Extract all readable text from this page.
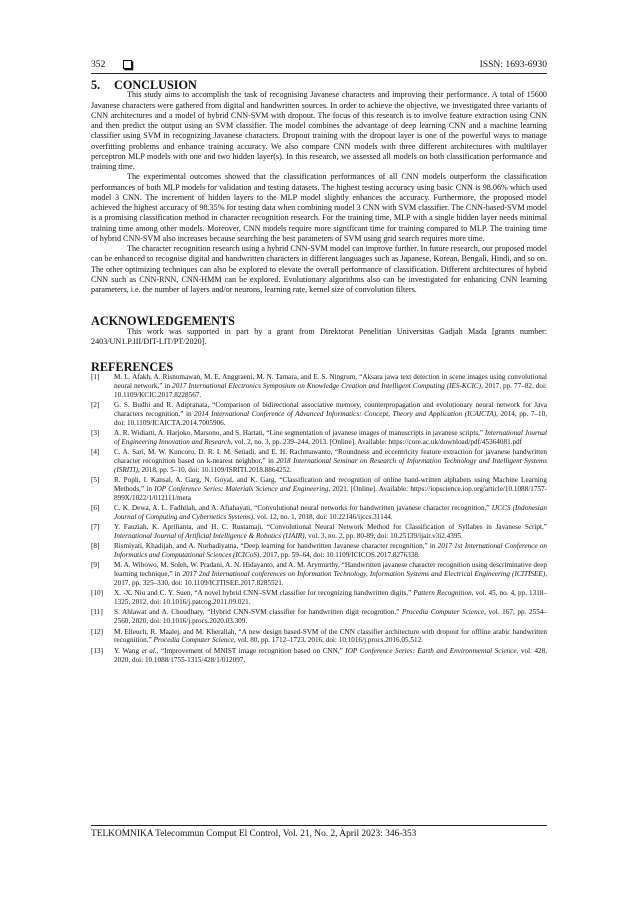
352	ISSN: 1693-6930
5. CONCLUSION

This study aims to accomplish the task of recognising Javanese characters and improving their performance. A total of 15600 Javanese characters were gathered from digital and handwritten sources. In order to achieve the objective, we investigated three variants of CNN architectures and a model of hybrid CNN-SVM with dropout. The focus of this research is to involve feature extraction using CNN and then predict the output using an SVM classifier. The model combines the advantage of deep learning CNN and a machine learning classifier using SVM in recognizing Javanese characters. Dropout training with the dropout layer is one of the powerful ways to manage overfitting problems and enhance training accuracy. We also compare CNN models with three different architectures with multilayer perceptron MLP models with one and two hidden layer(s). In this research, we assessed all models on both classification performance and training time.

The experimental outcomes showed that the classification performances of all CNN models outperform the classification performances of both MLP models for validation and testing datasets. The highest testing accuracy using basic CNN is 98.06% which used model 3 CNN. The increment of hidden layers to the MLP model slightly enhances the accuracy. Furthermore, the proposed model achieved the highest accuracy of 98.35% for testing data when combining model 3 CNN with SVM classifier. The CNN-based-SVM model is a promising classification method in character recognition research. For the training time, MLP with a single hidden layer needs minimal training time among other models. Moreover, CNN models require more significant time for training compared to MLP. The training time of hybrid CNN-SVM also increases because searching the best parameters of SVM using grid search requires more time.

The character recognition research using a hybrid CNN-SVM model can improve further. In future research, our proposed model can be enhanced to recognise digital and handwritten characters in different languages such as Japanese, Korean, Bengali, Hindi, and so on. The other optimizing techniques can also be explored to elevate the overall performance of classification. Different architectures of hybrid CNN such as CNN-RNN, CNN-HMM can be explored. Evolutionary algorithms also can be investigated for enhancing CNN learning parameters, i.e. the number of layers and/or neurons, learning rate, kernel size of convolution filters.

ACKNOWLEDGEMENTS

This work was supported in part by a grant from Direktorat Penelitian Universitas Gadjah Mada [grants number: 2403/UN1.P.III/DIT-LIT/PT/2020].

REFERENCES
[1]	M. L. Afakh, A. Risnumawan, M. E. Anggraeni, M. N. Tamara, and E. S. Ningrum, “Aksara jawa text detection in scene images using convolutional neural network,” in 2017 International Electronics Symposium on Knowledge Creation and Intelligent Computing (IES-KCIC), 2017, pp. 77–82, doi: 10.1109/KCIC.2017.8228567.
[2]	G. S. Budhi and R. Adipranata, “Comparison of bidirectional associative memory, counterpropagation and evolutionary neural network for Java characters recognition,” in 2014 International Conference of Advanced Informatics: Concept, Theory and Application (ICAICTA), 2014, pp. 7–10, doi: 10.1109/ICAICTA.2014.7005906.
[3]	A. R. Widiarti, A. Harjoko, Marsono, and S. Hartati, “Line segmentation of javanese images of manuscripts in javanese scripts,” International Journal of Engineering Innovation and Research, vol. 2, no. 3, pp. 239–244, 2013. [Online]. Available: https://core.ac.uk/download/pdf/45364081.pdf
[4]	C. A. Sari, M. W. Kuncoro, D. R. I. M. Setiadi, and E. H. Rachmawanto, “Roundness and eccentricity feature extraction for javanese handwritten character recognition based on k-nearest neighbor,” in 2018 International Seminar on Research of Information Technology and Intelligent Systems (ISRITI), 2018, pp. 5–10, doi: 10.1109/ISRITI.2018.8864252.
[5]	R. Popli, I. Kansal, A. Garg, N. Goyal, and K. Garg, “Classification and recognition of online hand-written alphabets using Machine Learning Methods,” in IOP Conference Series: Materials Science and Engineering, 2021. [Online]. Available: https://iopscience.iop.org/article/10.1088/1757-899X/1022/1/012111/meta
[6]	C. K. Dewa, A. L. Fadhilah, and A. Afiahayati, “Convolutional neural networks for handwritten javanese character recognition,” IJCCS (Indonesian Journal of Computing and Cybernetics Systems), vol. 12, no. 1, 2018, doi: 10.22146/ijccs.31144.
[7]	Y. Fauziah, K. Aprilianta, and H. C. Rustamaji, “Convolutional Neural Network Method for Classification of Syllabes in Javanese Script,” International Journal of Artificial Intelligence & Robotics (IJAIR), vol. 3, no. 2, pp. 80-89, doi: 10.25139/ijair.v3i2.4395.
[8]	Rismiyati, Khadijah, and A. Nurhadiyatna, “Deep learning for handwritten Javanese character recognition,” in 2017 1st International Conference on Informatics and Computational Sciences (ICICoS), 2017, pp. 59–64, doi: 10.1109/ICICOS.2017.8276338.
[9]	M. A. Wibowo, M. Soleh, W. Pradani, A. N. Hidayanto, and A. M. Arymurthy, “Handwritten javanese character recognition using descriminative deep learning technique,” in 2017 2nd International conferences on Information Technology, Information Systems and Electrical Engineering (ICITISEE), 2017, pp. 325–330, doi: 10.1109/ICITISEE.2017.8285521.
[10]	X. -X. Niu and C. Y. Suen, “A novel hybrid CNN–SVM classifier for recognizing handwritten digits,” Pattern Recognition, vol. 45, no. 4, pp. 1318–1325, 2012, doi: 10.1016/j.patcog.2011.09.021.
[11]	S. Ahlawat and A. Choudhary, “Hybrid CNN-SVM classifier for handwritten digit recognition,” Procedia Computer Science, vol. 167, pp. 2554–2560, 2020, doi: 10.1016/j.procs.2020.03.309.
[12]	M. Elleuch, R. Maalej, and M. Kherallah, “A new design based-SVM of the CNN classifier architecture with dropout for offline arabic handwritten recognition,” Procedia Computer Science, vol. 80, pp. 1712–1723, 2016, doi: 10.1016/j.procs.2016.05.512.
[13]	Y. Wang et al., “Improvement of MNIST image recognition based on CNN,” IOP Conference Series: Earth and Environmental Science, vol. 428, 2020, doi: 10.1088/1755-1315/428/1/012097.
TELKOMNIKA Telecommun Comput El Control, Vol. 21, No. 2, April 2023: 346-353
